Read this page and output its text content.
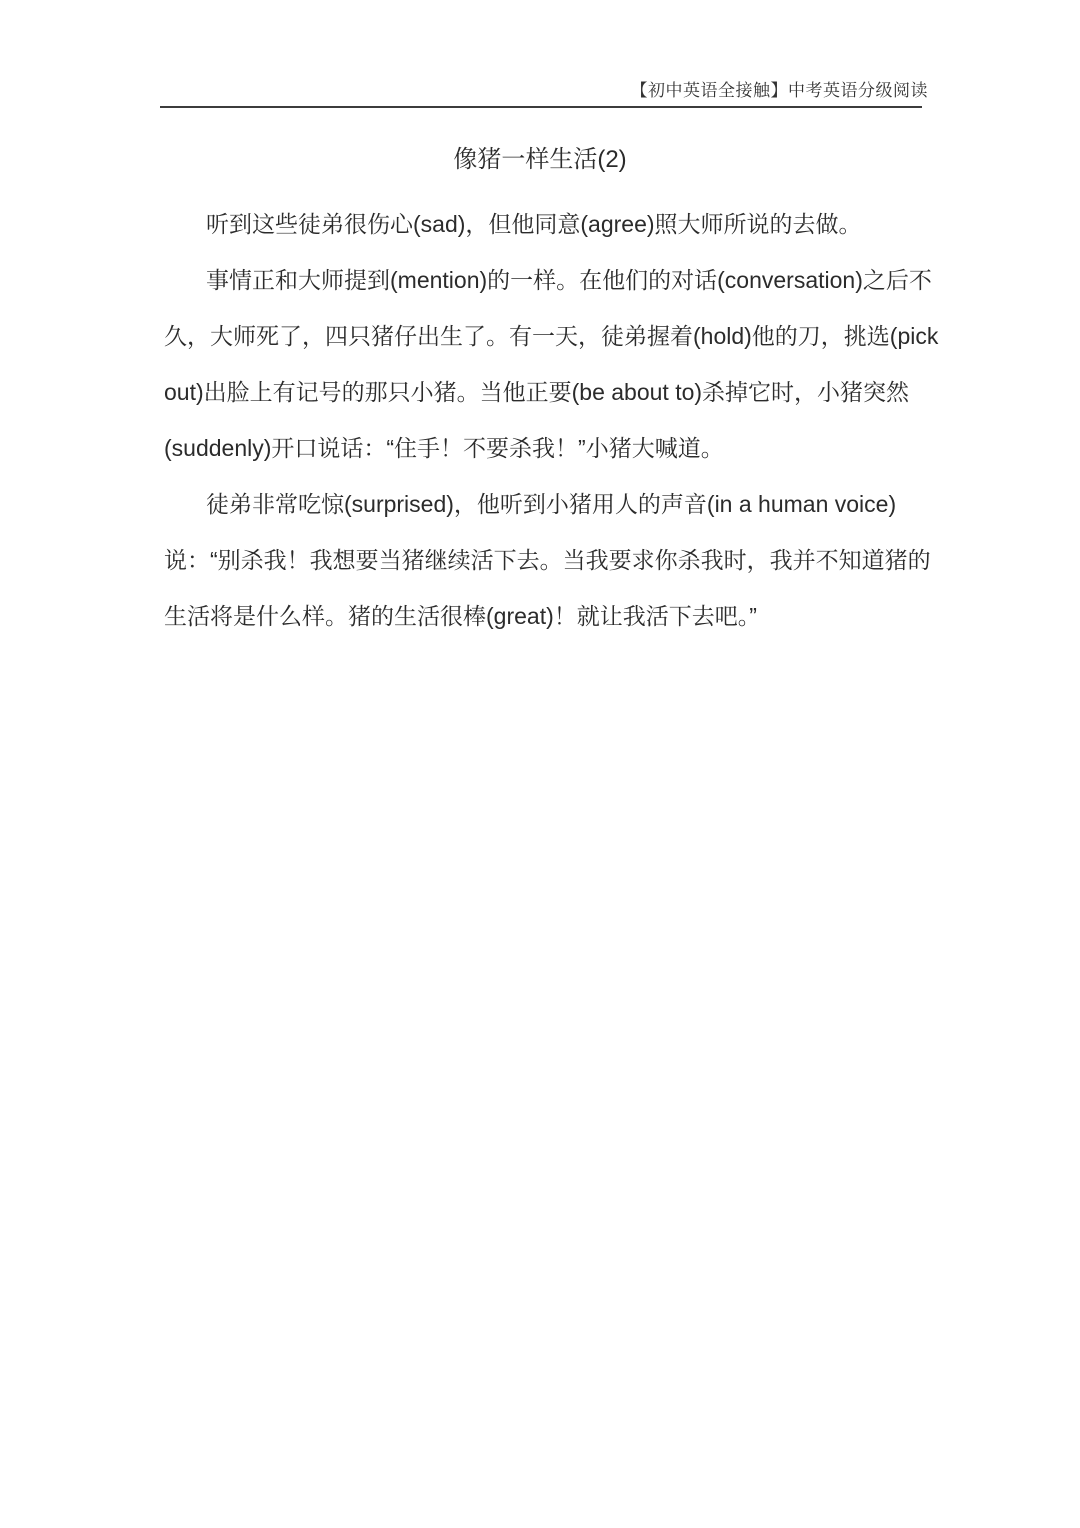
【初中英语全接触】中考英语分级阅读
像猪一样生活(2)
听到这些徒弟很伤心(sad)，但他同意(agree)照大师所说的去做。
事情正和大师提到(mention)的一样。在他们的对话(conversation)之后不
久，大师死了，四只猪仔出生了。有一天，徒弟握着(hold)他的刀，挑选(pick
out)出脸上有记号的那只小猪。当他正要(be about to)杀掉它时，小猪突然
(suddenly)开口说话：“住手！不要杀我！”小猪大喊道。
徒弟非常吃惊(surprised)，他听到小猪用人的声音(in a human voice)
说：“别杀我！我想要当猪继续活下去。当我要求你杀我时，我并不知道猪的
生活将是什么样。猪的生活很棒(great)！就让我活下去吧。”
